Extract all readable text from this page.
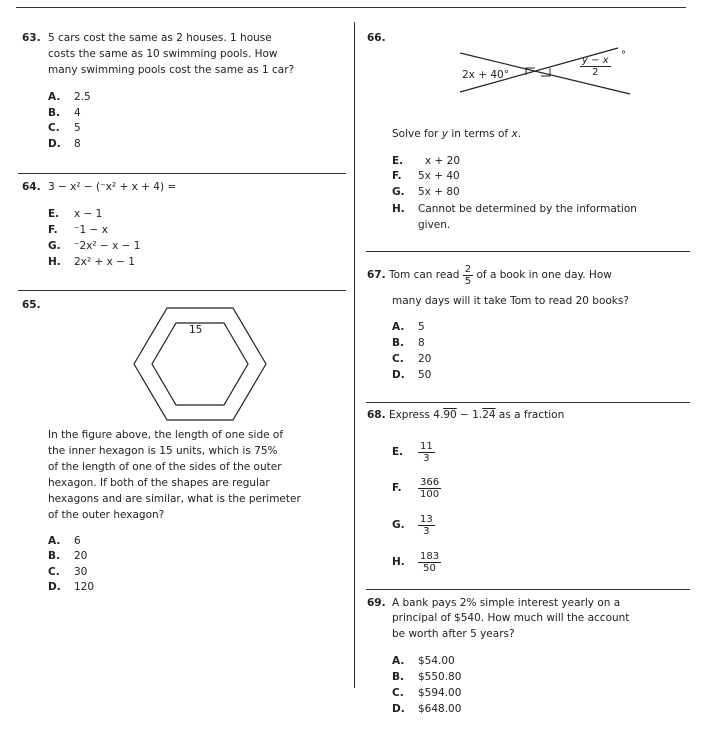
63. 5 cars cost the same as 2 houses. 1 house
costs the same as 10 swimming pools. How
many swimming pools cost the same as 1 car?
A. 2.5
B. 4
C. 5
D. 8
64. 3 − x² − (⁻x² + x + 4) =
E. x − 1
F. ⁻1 − x
G. ⁻2x² − x − 1
H. 2x² + x − 1
65.
15
In the figure above, the length of one side of
the inner hexagon is 15 units, which is 75%
of the length of one of the sides of the outer
hexagon. If both of the shapes are regular
hexagons and are similar, what is the perimeter
of the outer hexagon?
A. 6
B. 20
C. 30
D. 120
66.
2x + 40°	$\frac{y - x}{2}$ °
Solve for y in terms of x.
E. x + 20
F. 5x + 40
G. 5x + 80
H. Cannot be determined by the information
given.
67. Tom can read $\frac{2}{5}$ of a book in one day. How
many days will it take Tom to read 20 books?
A. 5
B. 8
C. 20
D. 50
68. Express 4.90 − 1.24 as a fraction
E. $\frac{11}{3}$
F. $\frac{366}{100}$
G. $\frac{13}{3}$
H. $\frac{183}{50}$
69. A bank pays 2% simple interest yearly on a
principal of $540. How much will the account
be worth after 5 years?
A. $54.00
B. $550.80
C. $594.00
D. $648.00
